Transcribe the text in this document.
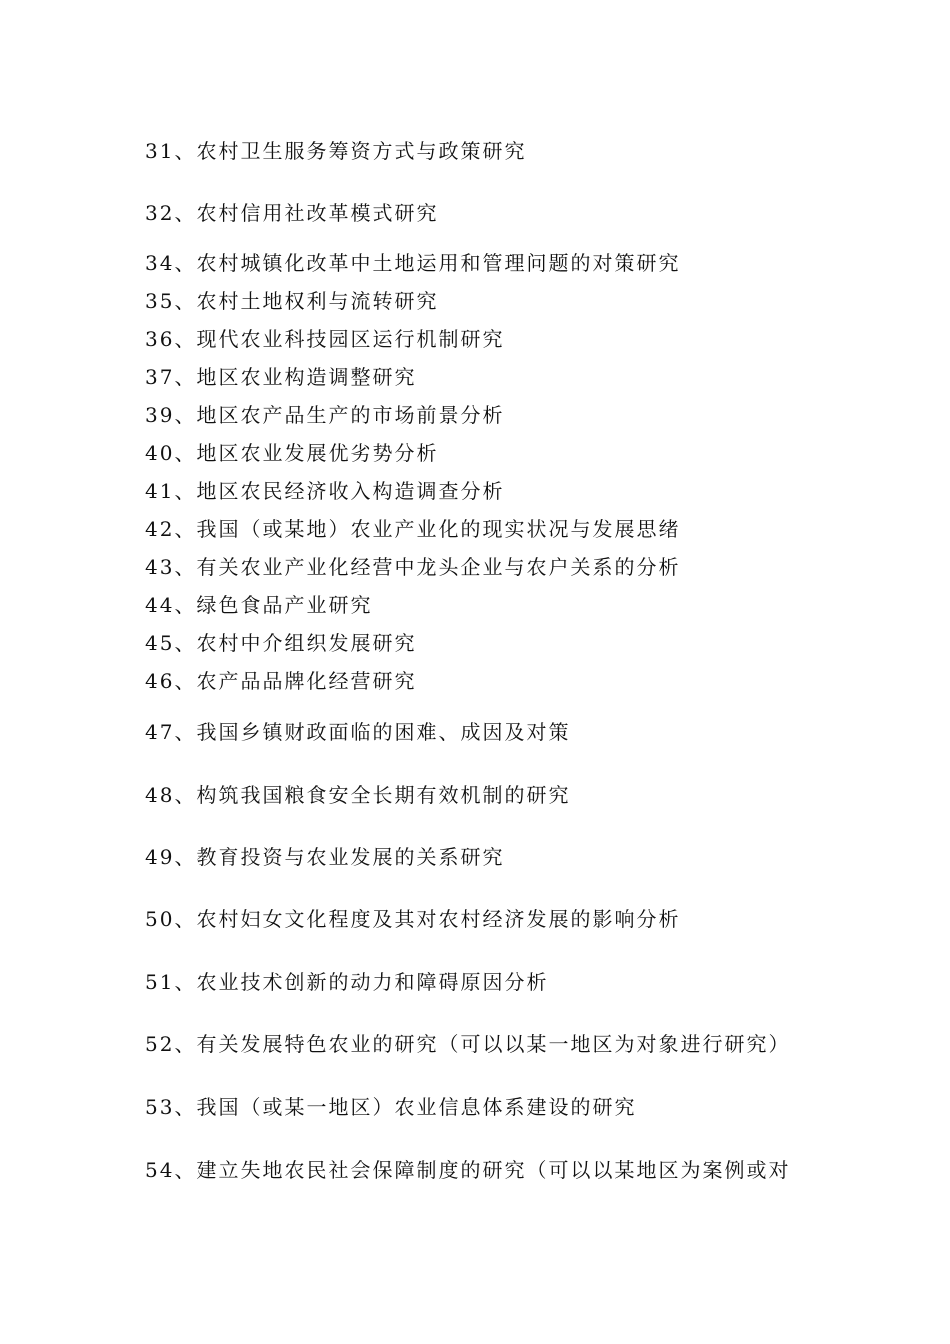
31、农村卫生服务筹资方式与政策研究
32、农村信用社改革模式研究
34、农村城镇化改革中土地运用和管理问题的对策研究
35、农村土地权利与流转研究
36、现代农业科技园区运行机制研究
37、地区农业构造调整研究
39、地区农产品生产的市场前景分析
40、地区农业发展优劣势分析
41、地区农民经济收入构造调查分析
42、我国（或某地）农业产业化的现实状况与发展思绪
43、有关农业产业化经营中龙头企业与农户关系的分析
44、绿色食品产业研究
45、农村中介组织发展研究
46、农产品品牌化经营研究
47、我国乡镇财政面临的困难、成因及对策
48、构筑我国粮食安全长期有效机制的研究
49、教育投资与农业发展的关系研究
50、农村妇女文化程度及其对农村经济发展的影响分析
51、农业技术创新的动力和障碍原因分析
52、有关发展特色农业的研究（可以以某一地区为对象进行研究）
53、我国（或某一地区）农业信息体系建设的研究
54、建立失地农民社会保障制度的研究（可以以某地区为案例或对
